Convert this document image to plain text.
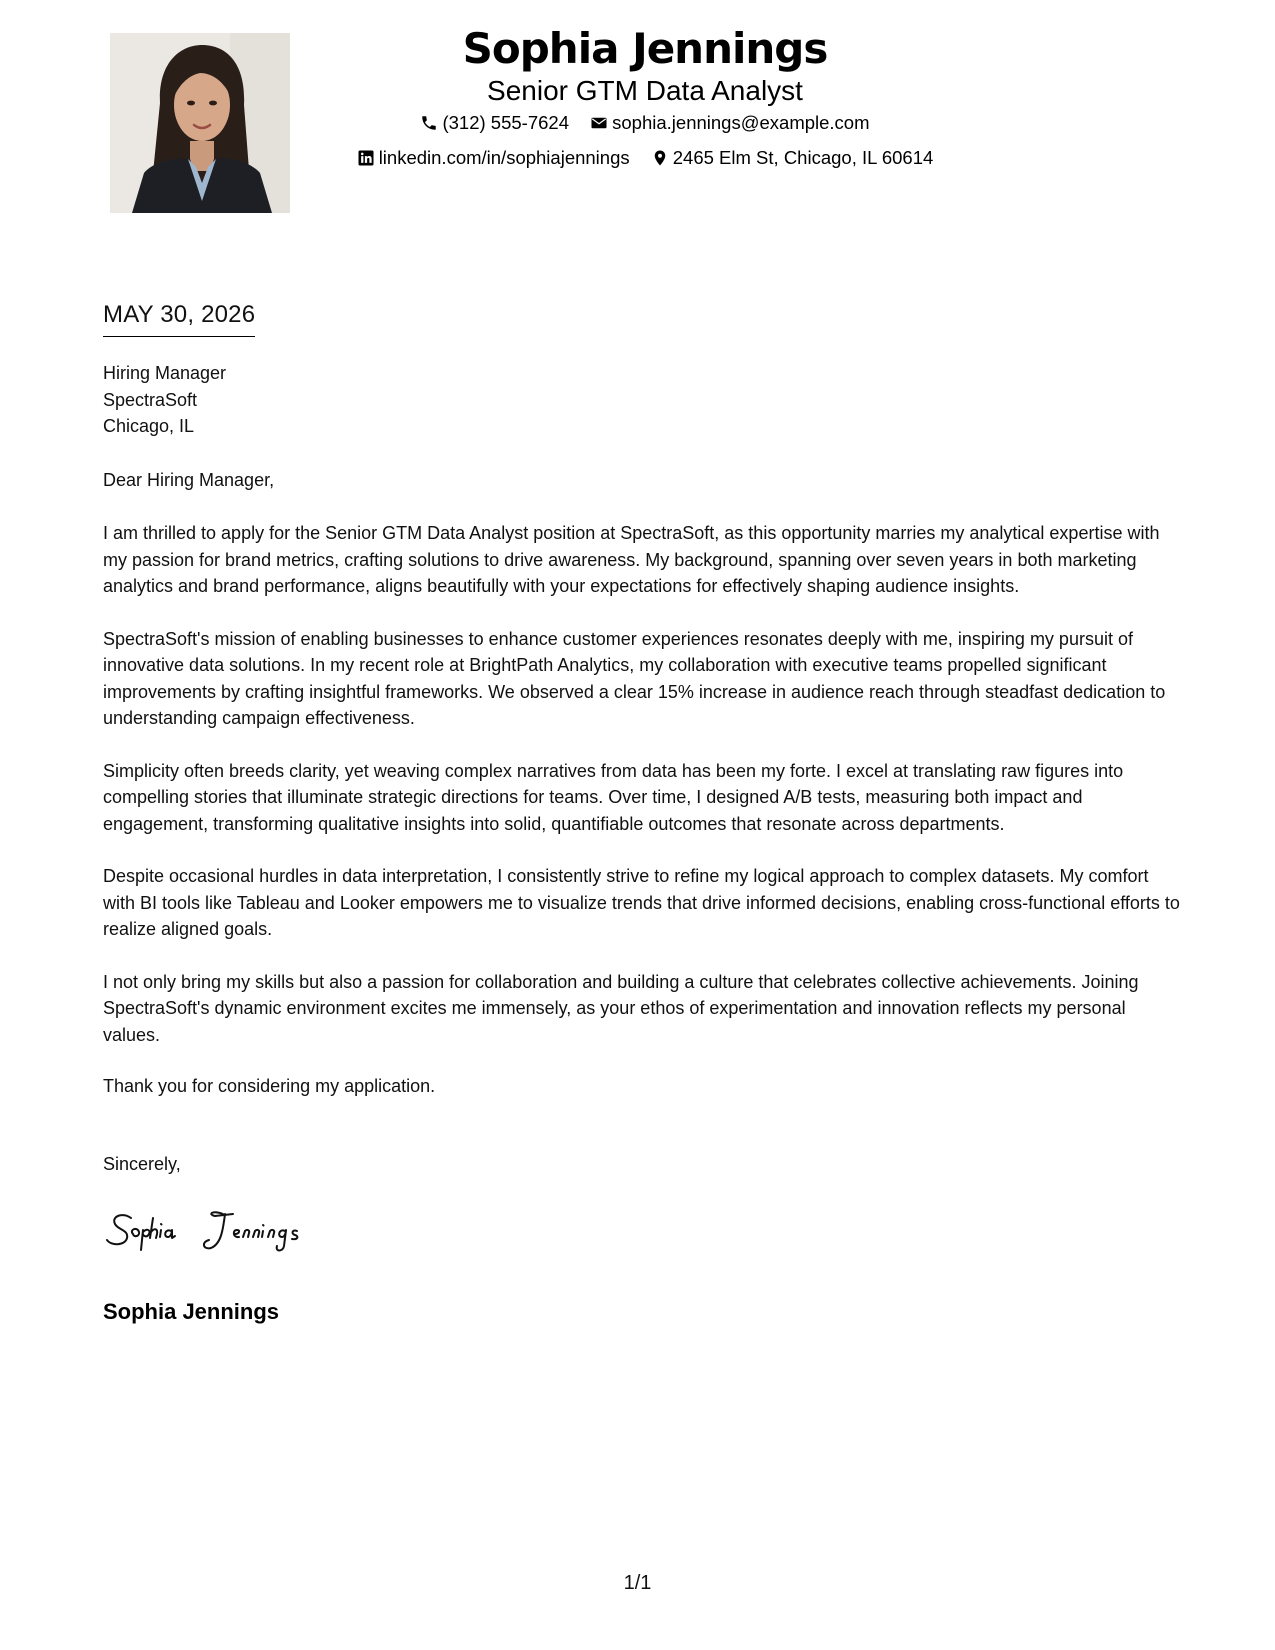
Sophia Jennings
Senior GTM Data Analyst
(312) 555-7624
sophia.jennings@example.com
linkedin.com/in/sophiajennings
2465 Elm St, Chicago, IL 60614
MAY 30, 2026
Hiring Manager
SpectraSoft
Chicago, IL
Dear Hiring Manager,

I am thrilled to apply for the Senior GTM Data Analyst position at SpectraSoft, as this opportunity marries my analytical expertise with my passion for brand metrics, crafting solutions to drive awareness. My background, spanning over seven years in both marketing analytics and brand performance, aligns beautifully with your expectations for effectively shaping audience insights.

SpectraSoft's mission of enabling businesses to enhance customer experiences resonates deeply with me, inspiring my pursuit of innovative data solutions. In my recent role at BrightPath Analytics, my collaboration with executive teams propelled significant improvements by crafting insightful frameworks. We observed a clear 15% increase in audience reach through steadfast dedication to understanding campaign effectiveness.

Simplicity often breeds clarity, yet weaving complex narratives from data has been my forte. I excel at translating raw figures into compelling stories that illuminate strategic directions for teams. Over time, I designed A/B tests, measuring both impact and engagement, transforming qualitative insights into solid, quantifiable outcomes that resonate across departments.

Despite occasional hurdles in data interpretation, I consistently strive to refine my logical approach to complex datasets. My comfort with BI tools like Tableau and Looker empowers me to visualize trends that drive informed decisions, enabling cross-functional efforts to realize aligned goals.

I not only bring my skills but also a passion for collaboration and building a culture that celebrates collective achievements. Joining SpectraSoft's dynamic environment excites me immensely, as your ethos of experimentation and innovation reflects my personal values.

Thank you for considering my application.
Sincerely,
Sophia Jennings
1/1
